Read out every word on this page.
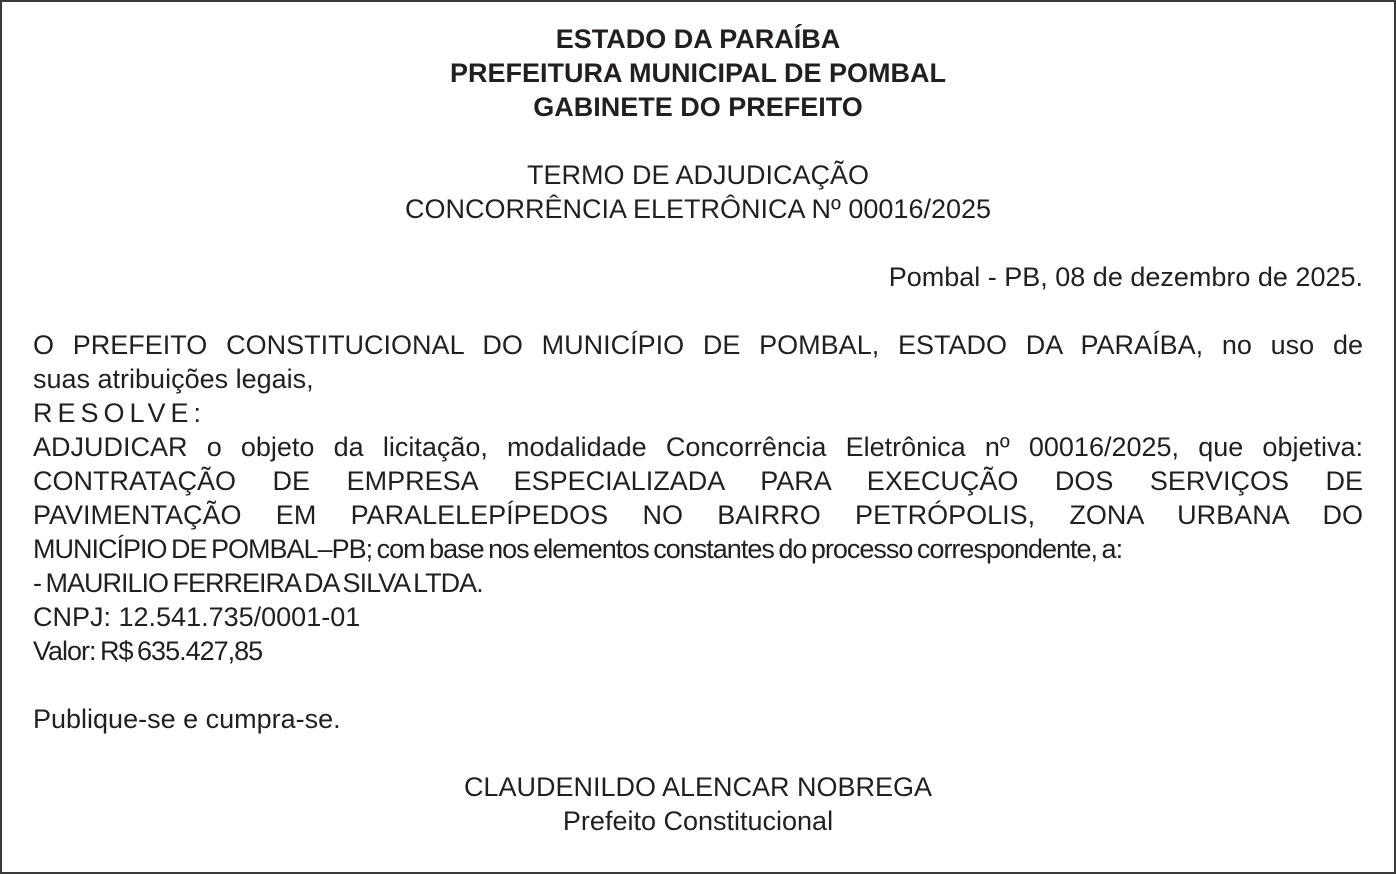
ESTADO DA PARAÍBA

PREFEITURA MUNICIPAL DE POMBAL

GABINETE DO PREFEITO

TERMO DE ADJUDICAÇÃO

CONCORRÊNCIA ELETRÔNICA Nº 00016/2025

Pombal - PB, 08 de dezembro de 2025.

O PREFEITO CONSTITUCIONAL DO MUNICÍPIO DE POMBAL, ESTADO DA PARAÍBA, no uso de

suas atribuições legais,

RESOLVE:

ADJUDICAR o objeto da licitação, modalidade Concorrência Eletrônica nº 00016/2025, que objetiva:

CONTRATAÇÃO DE EMPRESA ESPECIALIZADA PARA EXECUÇÃO DOS SERVIÇOS DE

PAVIMENTAÇÃO EM PARALELEPÍPEDOS NO BAIRRO PETRÓPOLIS, ZONA URBANA DO

MUNICÍPIO DE POMBAL–PB; com base nos elementos constantes do processo correspondente, a:

- MAURILIO FERREIRA DA SILVA LTDA.

CNPJ: 12.541.735/0001-01

Valor: R$ 635.427,85

Publique-se e cumpra-se.

CLAUDENILDO ALENCAR NOBREGA

Prefeito Constitucional
